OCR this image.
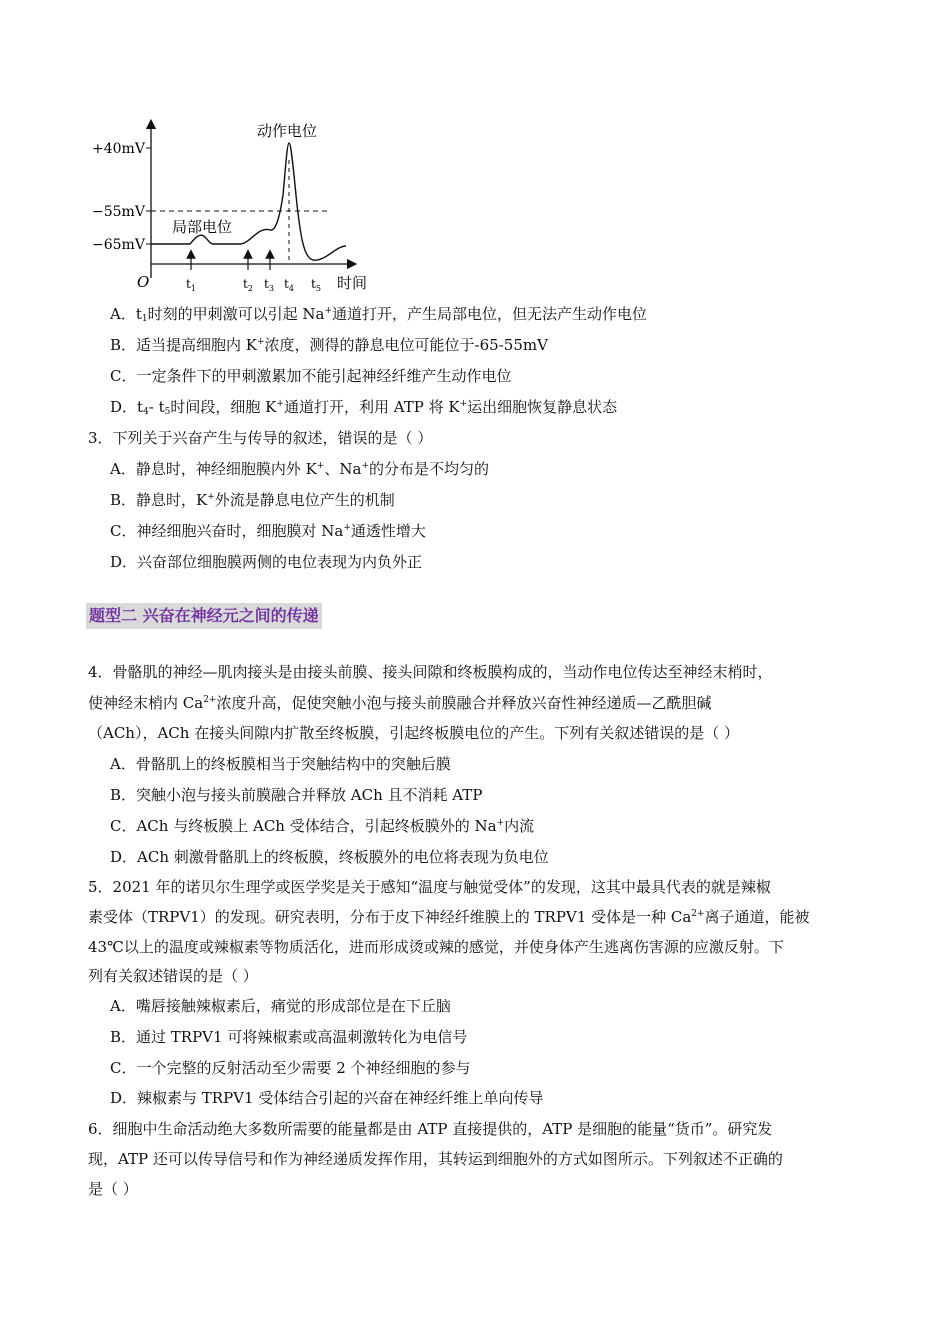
动作电位
局部电位
+40mV
−55mV
−65mV
O	时间
$t_1$	$t_2$ $t_3$ $t_4$ $t_5$
A．$t_1$时刻的甲刺激可以引起 Na+通道打开，产生局部电位，但无法产生动作电位
B．适当提高细胞内 K+浓度，测得的静息电位可能位于-65-55mV
C．一定条件下的甲刺激累加不能引起神经纤维产生动作电位
D．$t_4-$ $t_5$时间段，细胞 K+通道打开，利用 ATP 将 K+运出细胞恢复静息状态
3．下列关于兴奋产生与传导的叙述，错误的是（ ）
A．静息时，神经细胞膜内外 K+、Na+的分布是不均匀的
B．静息时，K+外流是静息电位产生的机制
C．神经细胞兴奋时，细胞膜对 Na+通透性增大
D．兴奋部位细胞膜两侧的电位表现为内负外正
题型二 兴奋在神经元之间的传递
4．骨骼肌的神经—肌肉接头是由接头前膜、接头间隙和终板膜构成的，当动作电位传达至神经末梢时，
使神经末梢内 $Ca^{2+}$浓度升高，促使突触小泡与接头前膜融合并释放兴奋性神经递质—乙酰胆碱
（ACh），ACh 在接头间隙内扩散至终板膜，引起终板膜电位的产生。下列有关叙述错误的是（ ）
A．骨骼肌上的终板膜相当于突触结构中的突触后膜
B．突触小泡与接头前膜融合并释放 ACh 且不消耗 ATP
C．ACh 与终板膜上 ACh 受体结合，引起终板膜外的 Na+内流
D．ACh 刺激骨骼肌上的终板膜，终板膜外的电位将表现为负电位
5．2021 年的诺贝尔生理学或医学奖是关于感知“温度与触觉受体”的发现，这其中最具代表的就是辣椒
素受体（TRPV1）的发现。研究表明，分布于皮下神经纤维膜上的 TRPV1 受体是一种 $Ca^{2+}$离子通道，能被
43℃以上的温度或辣椒素等物质活化，进而形成烫或辣的感觉，并使身体产生逃离伤害源的应激反射。下
列有关叙述错误的是（ ）
A．嘴唇接触辣椒素后，痛觉的形成部位是在下丘脑
B．通过 TRPV1 可将辣椒素或高温刺激转化为电信号
C．一个完整的反射活动至少需要 2 个神经细胞的参与
D．辣椒素与 TRPV1 受体结合引起的兴奋在神经纤维上单向传导
6．细胞中生命活动绝大多数所需要的能量都是由 ATP 直接提供的，ATP 是细胞的能量“货币”。研究发
现，ATP 还可以传导信号和作为神经递质发挥作用，其转运到细胞外的方式如图所示。下列叙述不正确的
是（ ）
